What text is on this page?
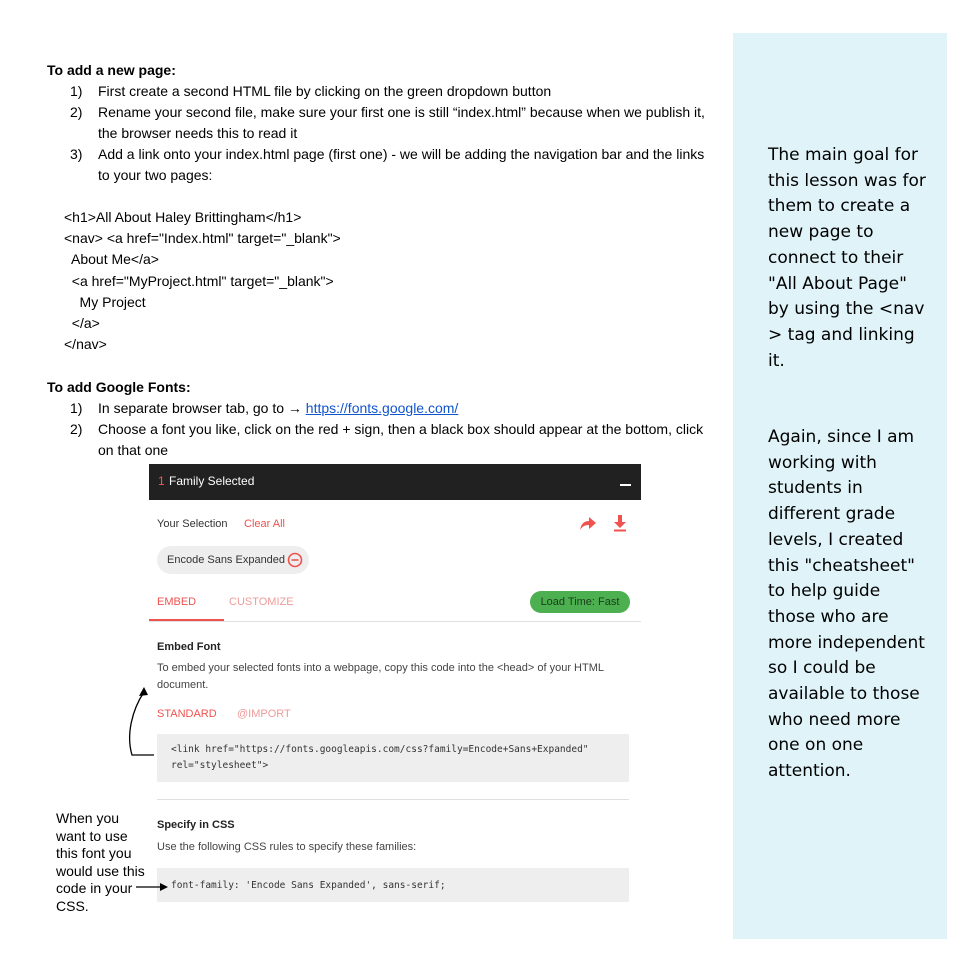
To add a new page:
1) First create a second HTML file by clicking on the green dropdown button
2) Rename your second file, make sure your first one is still “index.html” because when we publish it, the browser needs this to read it
3) Add a link onto your index.html page (first one) - we will be adding the navigation bar and the links to your two pages:
<h1>All About Haley Brittingham</h1>
<nav> <a href="Index.html" target="_blank">
About Me</a>
<a href="MyProject.html" target="_blank">
My Project
</a>
</nav>
To add Google Fonts:
1) In separate browser tab, go to → https://fonts.google.com/
2) Choose a font you like, click on the red + sign, then a black box should appear at the bottom, click on that one
1 Family Selected
Your Selection Clear All
Encode Sans Expanded
EMBED	CUSTOMIZE	Load Time: Fast
Embed Font
To embed your selected fonts into a webpage, copy this code into the <head> of your HTML document.
STANDARD @IMPORT
<link href="https://fonts.googleapis.com/css?family=Encode+Sans+Expanded"
rel="stylesheet">
Specify in CSS
Use the following CSS rules to specify these families:
font-family: 'Encode Sans Expanded', sans-serif;
When you want to use this font you would use this code in your CSS.
The main goal for this lesson was for them to create a new page to connect to their "All About Page" by using the <nav > tag and linking it.
Again, since I am working with students in different grade levels, I created this "cheatsheet" to help guide those who are more independent so I could be available to those who need more one on one attention.
